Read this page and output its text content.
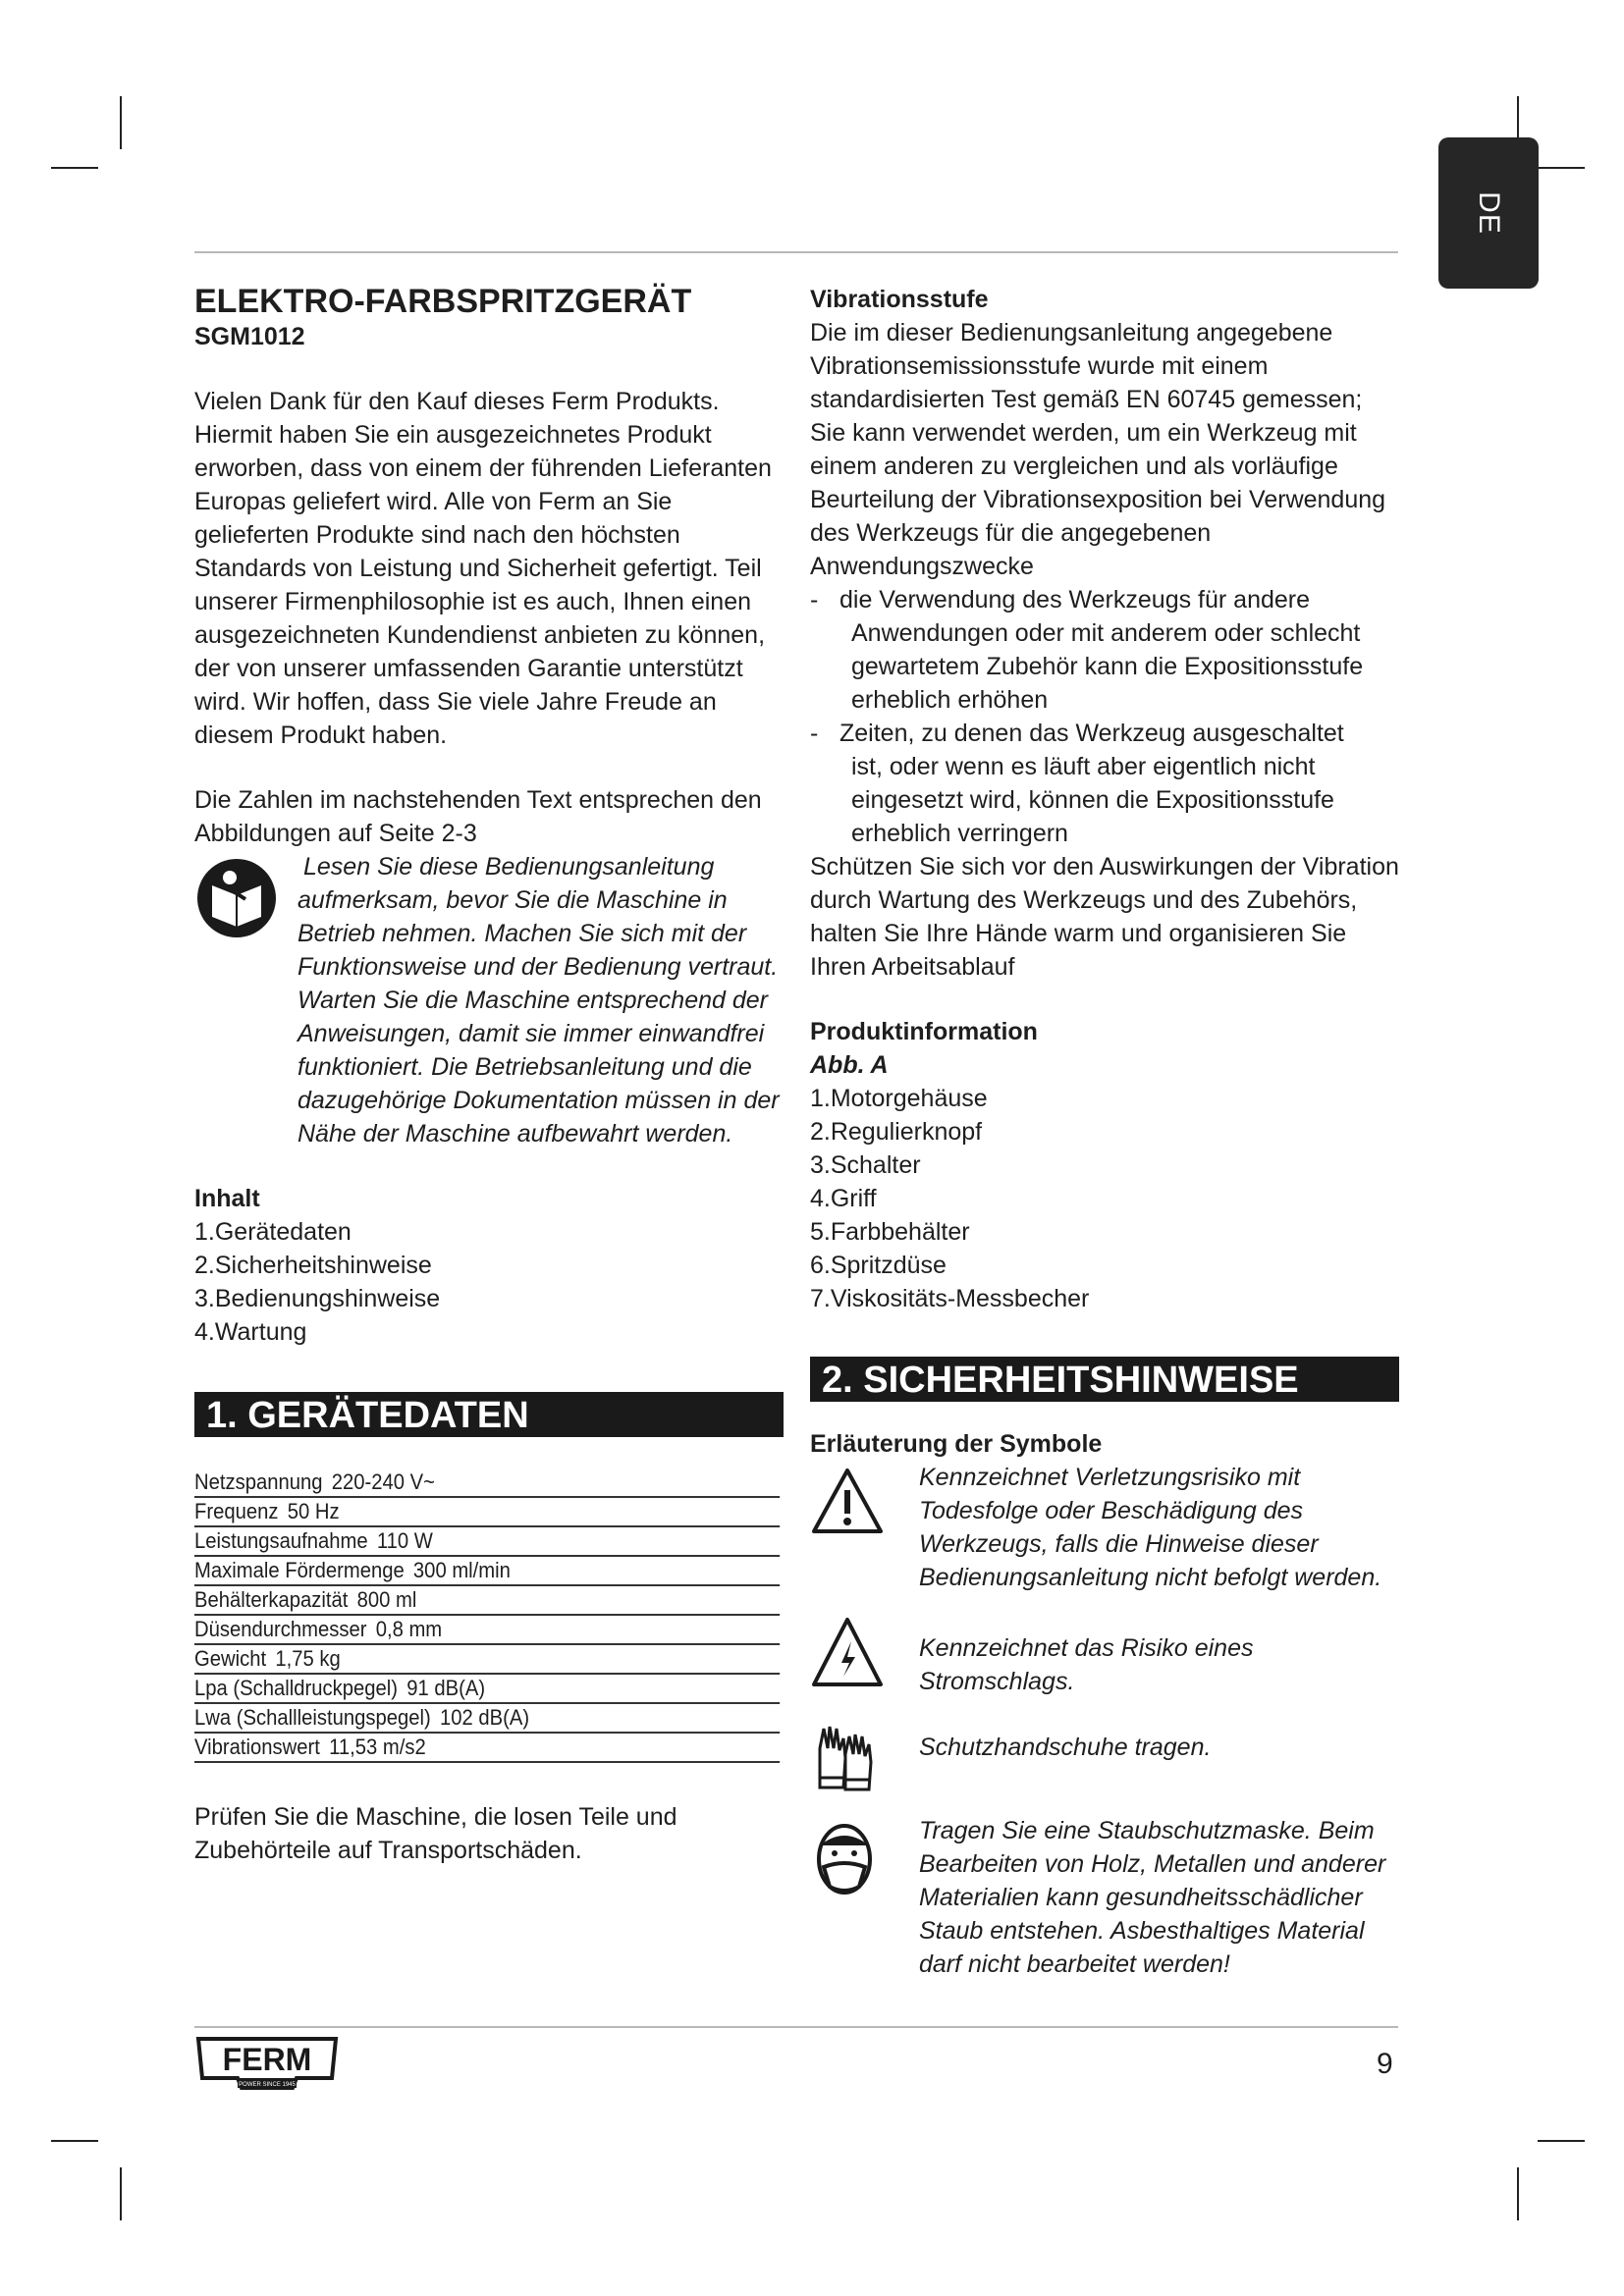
DE
ELEKTRO-FARBSPRITZGERÄT
SGM1012

Vielen Dank für den Kauf dieses Ferm Produkts. Hiermit haben Sie ein ausgezeichnetes Produkt erworben, dass von einem der führenden Lieferanten Europas geliefert wird. Alle von Ferm an Sie gelieferten Produkte sind nach den höchsten Standards von Leistung und Sicherheit gefertigt. Teil unserer Firmenphilosophie ist es auch, Ihnen einen ausgezeichneten Kundendienst anbieten zu können, der von unserer umfassenden Garantie unterstützt wird. Wir hoffen, dass Sie viele Jahre Freude an diesem Produkt haben.

Die Zahlen im nachstehenden Text entsprechen den Abbildungen auf Seite 2-3

Lesen Sie diese Bedienungsanleitung
aufmerksam, bevor Sie die Maschine in Betrieb nehmen. Machen Sie sich mit der Funktionsweise und der Bedienung vertraut. Warten Sie die Maschine entsprechend der Anweisungen, damit sie immer einwandfrei funktioniert. Die Betriebsanleitung und die dazugehörige Dokumentation müssen in der Nähe der Maschine aufbewahrt werden.
Inhalt
1.Gerätedaten
2.Sicherheitshinweise
3.Bedienungshinweise
4.Wartung
1. GERÄTEDATEN
Netzspannung 220-240 V~
Frequenz 50 Hz
Leistungsaufnahme 110 W
Maximale Fördermenge 300 ml/min
Behälterkapazität 800 ml
Düsendurchmesser 0,8 mm
Gewicht 1,75 kg
Lpa (Schalldruckpegel) 91 dB(A)
Lwa (Schallleistungspegel) 102 dB(A)
Vibrationswert 11,53 m/s2

Prüfen Sie die Maschine, die losen Teile und Zubehörteile auf Transportschäden.

Vibrationsstufe

Die im dieser Bedienungsanleitung angegebene Vibrationsemissionsstufe wurde mit einem standardisierten Test gemäß EN 60745 gemessen; Sie kann verwendet werden, um ein Werkzeug mit einem anderen zu vergleichen und als vorläufige Beurteilung der Vibrationsexposition bei Verwendung des Werkzeugs für die angegebenen Anwendungszwecke

- die Verwendung des Werkzeugs für andere
Anwendungen oder mit anderem oder schlecht gewartetem Zubehör kann die Expositionsstufe erheblich erhöhen
- Zeiten, zu denen das Werkzeug ausgeschaltet
ist, oder wenn es läuft aber eigentlich nicht eingesetzt wird, können die Expositionsstufe erheblich verringern

Schützen Sie sich vor den Auswirkungen der Vibration durch Wartung des Werkzeugs und des Zubehörs, halten Sie Ihre Hände warm und organisieren Sie Ihren Arbeitsablauf

Produktinformation
Abb. A
1.Motorgehäuse
2.Regulierknopf
3.Schalter
4.Griff
5.Farbbehälter
6.Spritzdüse
7.Viskositäts-Messbecher
2. SICHERHEITSHINWEISE
Erläuterung der Symbole
Kennzeichnet Verletzungsrisiko mit Todesfolge oder Beschädigung des Werkzeugs, falls die Hinweise dieser Bedienungsanleitung nicht befolgt werden.
Kennzeichnet das Risiko eines Stromschlags.
Schutzhandschuhe tragen.
Tragen Sie eine Staubschutzmaske. Beim Bearbeiten von Holz, Metallen und anderer Materialien kann gesundheitsschädlicher Staub entstehen. Asbesthaltiges Material darf nicht bearbeitet werden!
FERM
POWER SINCE 1945
9
